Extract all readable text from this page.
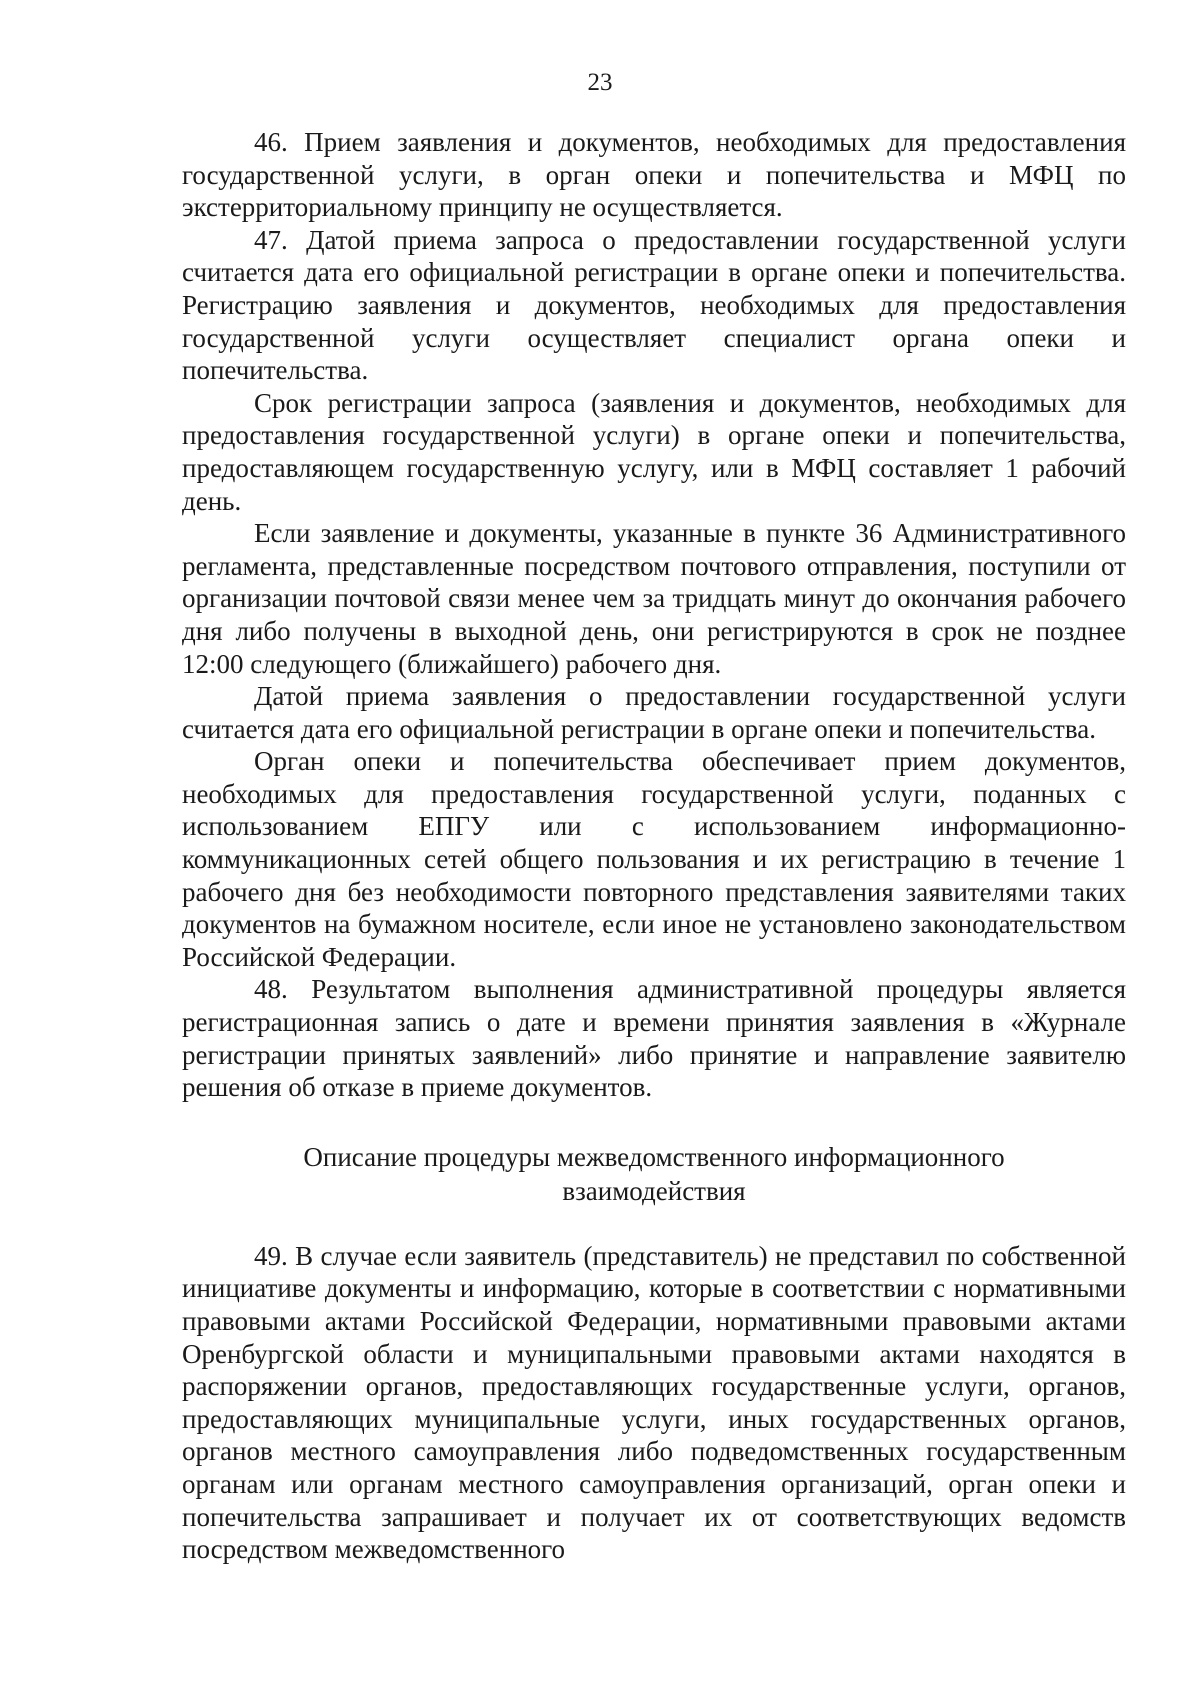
23

46. Прием заявления и документов, необходимых для предоставления государственной услуги, в орган опеки и попечительства и МФЦ по экстерриториальному принципу не осуществляется.

47. Датой приема запроса о предоставлении государственной услуги считается дата его официальной регистрации в органе опеки и попечительства. Регистрацию заявления и документов, необходимых для предоставления государственной услуги осуществляет специалист органа опеки и попечительства.

Срок регистрации запроса (заявления и документов, необходимых для предоставления государственной услуги) в органе опеки и попечительства, предоставляющем государственную услугу, или в МФЦ составляет 1 рабочий день.

Если заявление и документы, указанные в пункте 36 Административного регламента, представленные посредством почтового отправления, поступили от организации почтовой связи менее чем за тридцать минут до окончания рабочего дня либо получены в выходной день, они регистрируются в срок не позднее 12:00 следующего (ближайшего) рабочего дня.

Датой приема заявления о предоставлении государственной услуги считается дата его официальной регистрации в органе опеки и попечительства.

Орган опеки и попечительства обеспечивает прием документов, необходимых для предоставления государственной услуги, поданных с использованием ЕПГУ или с использованием информационно-коммуникационных сетей общего пользования и их регистрацию в течение 1 рабочего дня без необходимости повторного представления заявителями таких документов на бумажном носителе, если иное не установлено законодательством Российской Федерации.

48. Результатом выполнения административной процедуры является регистрационная запись о дате и времени принятия заявления в «Журнале регистрации принятых заявлений» либо принятие и направление заявителю решения об отказе в приеме документов.

Описание процедуры межведомственного информационного
взаимодействия

49. В случае если заявитель (представитель) не представил по собственной инициативе документы и информацию, которые в соответствии с нормативными правовыми актами Российской Федерации, нормативными правовыми актами Оренбургской области и муниципальными правовыми актами находятся в распоряжении органов, предоставляющих государственные услуги, органов, предоставляющих муниципальные услуги, иных государственных органов, органов местного самоуправления либо подведомственных государственным органам или органам местного самоуправления организаций, орган опеки и попечительства запрашивает и получает их от соответствующих ведомств посредством межведомственного
